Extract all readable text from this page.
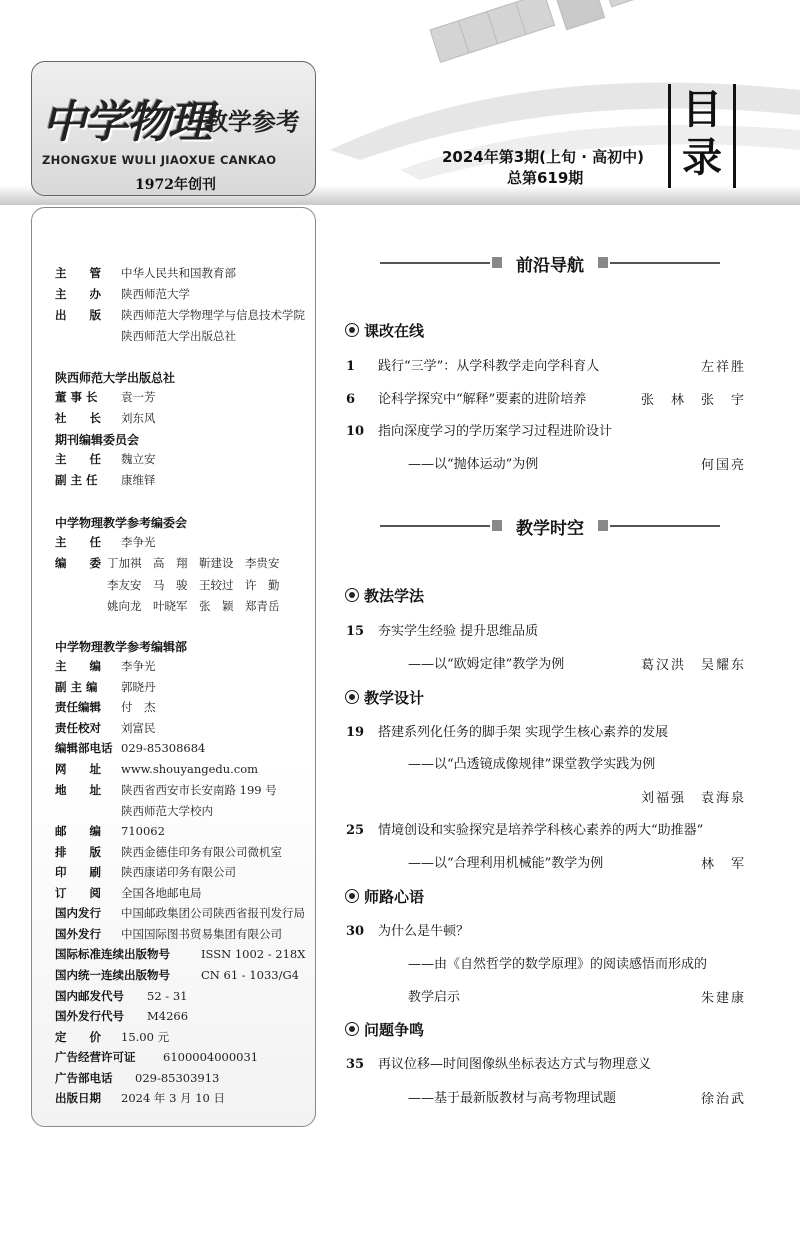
中学物理
教学参考
ZHONGXUE WULI JIAOXUE CANKAO
1972年创刊
2024年第3期(上旬 · 高初中)
总第619期
目录
主　　管 中华人民共和国教育部
主　　办 陕西师范大学
出　　版 陕西师范大学物理学与信息技术学院
陕西师范大学出版总社
陕西师范大学出版总社
董 事 长 袁一芳
社　　长 刘东风
期刊编辑委员会
主　　任 魏立安
副 主 任 康维铎
中学物理教学参考编委会
主　　任 李争光
编　　委 丁加祺　高　翔　靳建设　李贵安
李友安　马　骏　王较过　许　勤
姚向龙　叶晓军　张　颖　郑青岳
中学物理教学参考编辑部
主　　编 李争光
副 主 编 郭晓丹
责任编辑 付　杰
责任校对 刘富民
编辑部电话 029-85308684
网　　址 www.shouyangedu.com
地　　址 陕西省西安市长安南路 199 号
陕西师范大学校内
邮　　编 710062
排　　版 陕西金德佳印务有限公司微机室
印　　刷 陕西康诺印务有限公司
订　　阅 全国各地邮电局
国内发行 中国邮政集团公司陕西省报刊发行局
国外发行 中国国际图书贸易集团有限公司
国际标准连续出版物号	ISSN 1002 - 218X
国内统一连续出版物号	CN 61 - 1033/G4
国内邮发代号 52 - 31
国外发行代号 M4266
定　　价 15.00 元
广告经营许可证 6100004000031
广告部电话 029-85303913
出版日期 2024 年 3 月 10 日
前沿导航
课改在线
1 践行“三学”：从学科教学走向学科育人	左祥胜
6 论科学探究中“解释”要素的进阶培养	张　林　张　宇
10 指向深度学习的学历案学习过程进阶设计
——以“抛体运动”为例	何国亮
教学时空
教法学法
15 夯实学生经验 提升思维品质
——以“欧姆定律”教学为例	葛汉洪　吴耀东
教学设计
19 搭建系列化任务的脚手架 实现学生核心素养的发展
——以“凸透镜成像规律”课堂教学实践为例
刘福强　袁海泉
25 情境创设和实验探究是培养学科核心素养的两大“助推器”
——以“合理利用机械能”教学为例	林　军
师路心语
30 为什么是牛顿？
——由《自然哲学的数学原理》的阅读感悟而形成的
教学启示	朱建康
问题争鸣
35 再议位移—时间图像纵坐标表达方式与物理意义
——基于最新版教材与高考物理试题	徐治武
